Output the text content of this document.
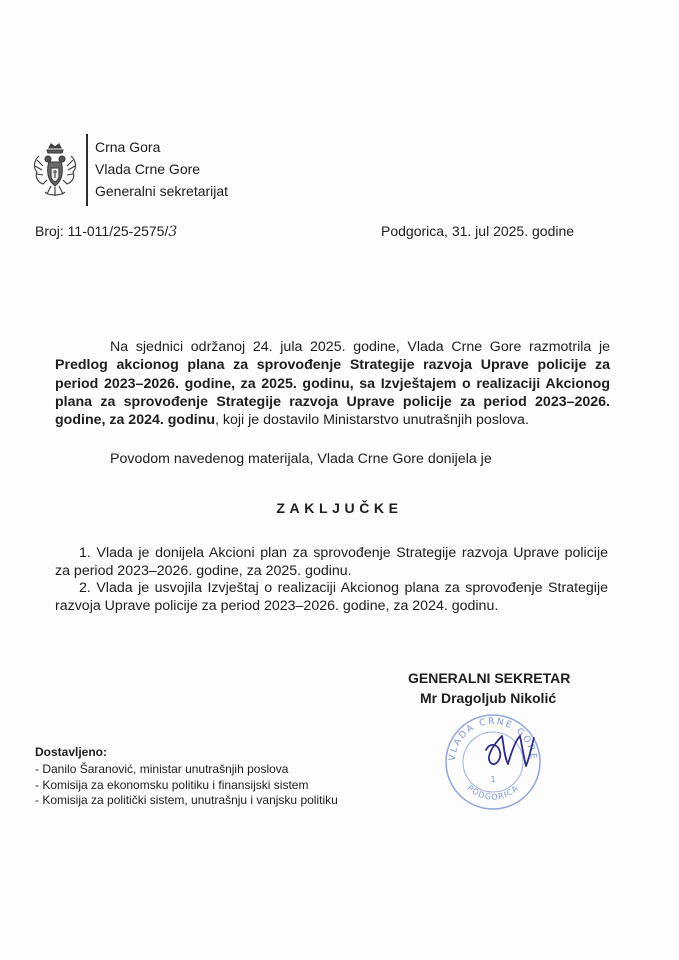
Crna Gora
Vlada Crne Gore
Generalni sekretarijat
Broj: 11-011/25-2575/3	Podgorica, 31. jul 2025. godine
Na sjednici održanoj 24. jula 2025. godine, Vlada Crne Gore razmotrila je Predlog akcionog plana za sprovođenje Strategije razvoja Uprave policije za period 2023–2026. godine, za 2025. godinu, sa Izvještajem o realizaciji Akcionog plana za sprovođenje Strategije razvoja Uprave policije za period 2023–2026. godine, za 2024. godinu, koji je dostavilo Ministarstvo unutrašnjih poslova.
Povodom navedenog materijala, Vlada Crne Gore donijela je
ZAKLJUČKE
1. Vlada je donijela Akcioni plan za sprovođenje Strategije razvoja Uprave policije za period 2023–2026. godine, za 2025. godinu.
2. Vlada je usvojila Izvještaj o realizaciji Akcionog plana za sprovođenje Strategije razvoja Uprave policije za period 2023–2026. godine, za 2024. godinu.
GENERALNI SEKRETAR
VLADA CRNE GORE
1
PODGORICA
Mr Dragoljub Nikolić
Dostavljeno:
- Danilo Šaranović, ministar unutrašnjih poslova
- Komisija za ekonomsku politiku i finansijski sistem
- Komisija za politički sistem, unutrašnju i vanjsku politiku
